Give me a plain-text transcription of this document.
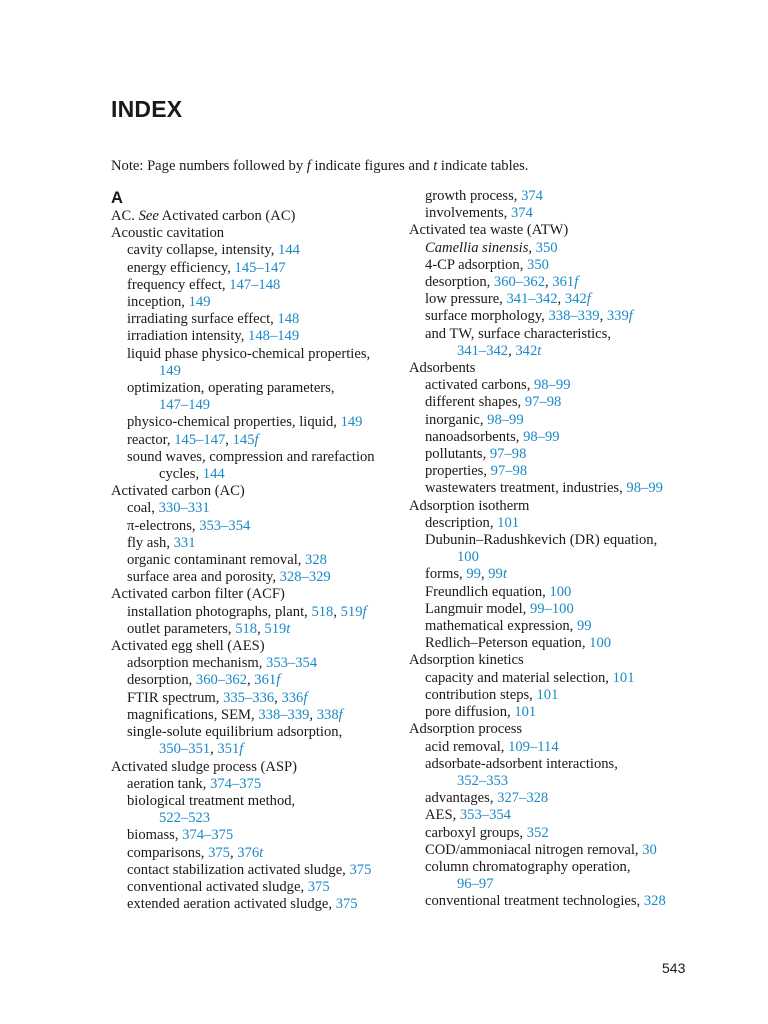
INDEX
Note: Page numbers followed by f indicate figures and t indicate tables.
A
AC. See Activated carbon (AC)
Acoustic cavitation
cavity collapse, intensity, 144
energy efficiency, 145–147
frequency effect, 147–148
inception, 149
irradiating surface effect, 148
irradiation intensity, 148–149
liquid phase physico-chemical properties,
149
optimization, operating parameters,
147–149
physico-chemical properties, liquid, 149
reactor, 145–147, 145f
sound waves, compression and rarefaction
cycles, 144
Activated carbon (AC)
coal, 330–331
π-electrons, 353–354
fly ash, 331
organic contaminant removal, 328
surface area and porosity, 328–329
Activated carbon filter (ACF)
installation photographs, plant, 518, 519f
outlet parameters, 518, 519t
Activated egg shell (AES)
adsorption mechanism, 353–354
desorption, 360–362, 361f
FTIR spectrum, 335–336, 336f
magnifications, SEM, 338–339, 338f
single-solute equilibrium adsorption,
350–351, 351f
Activated sludge process (ASP)
aeration tank, 374–375
biological treatment method,
522–523
biomass, 374–375
comparisons, 375, 376t
contact stabilization activated sludge, 375
conventional activated sludge, 375
extended aeration activated sludge, 375
growth process, 374
involvements, 374
Activated tea waste (ATW)
Camellia sinensis, 350
4-CP adsorption, 350
desorption, 360–362, 361f
low pressure, 341–342, 342f
surface morphology, 338–339, 339f
and TW, surface characteristics,
341–342, 342t
Adsorbents
activated carbons, 98–99
different shapes, 97–98
inorganic, 98–99
nanoadsorbents, 98–99
pollutants, 97–98
properties, 97–98
wastewaters treatment, industries, 98–99
Adsorption isotherm
description, 101
Dubunin–Radushkevich (DR) equation,
100
forms, 99, 99t
Freundlich equation, 100
Langmuir model, 99–100
mathematical expression, 99
Redlich–Peterson equation, 100
Adsorption kinetics
capacity and material selection, 101
contribution steps, 101
pore diffusion, 101
Adsorption process
acid removal, 109–114
adsorbate-adsorbent interactions,
352–353
advantages, 327–328
AES, 353–354
carboxyl groups, 352
COD/ammoniacal nitrogen removal, 30
column chromatography operation,
96–97
conventional treatment technologies, 328

543
